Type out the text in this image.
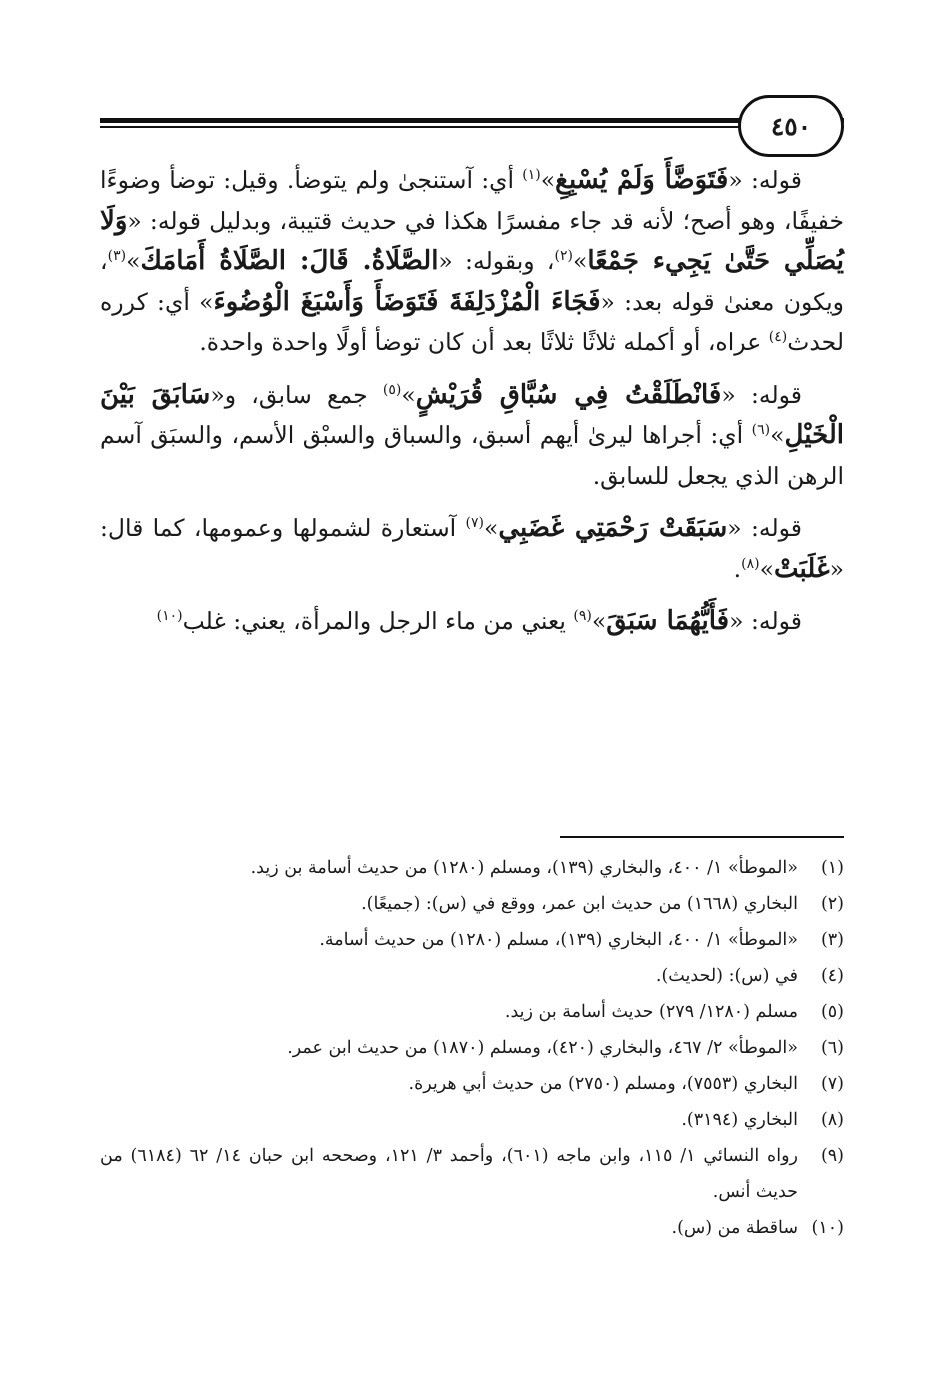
٤٥٠

قوله: «فَتَوَضَّأَ وَلَمْ يُسْبِغِ»$^{(١)}$ أي: آستنجىٰ ولم يتوضأ. وقيل: توضأ وضوءًا خفيفًا، وهو أصح؛ لأنه قد جاء مفسرًا هكذا في حديث قتيبة، وبدليل قوله: «وَلَا يُصَلِّي حَتَّىٰ يَجِيء جَمْعًا»$^{(٢)}$، وبقوله: «الصَّلَاةُ. قَالَ: الصَّلَاةُ أَمَامَكَ»$^{(٣)}$، ويكون معنىٰ قوله بعد: «فَجَاءَ الْمُزْدَلِفَةَ فَتَوَضَأَ وَأَسْبَغَ الْوُضُوءَ» أي: كرره لحدث$^{(٤)}$ عراه، أو أكمله ثلاثًا ثلاثًا بعد أن كان توضأ أولًا واحدة واحدة.

قوله: «فَانْطَلَقْتُ فِي سُبَّاقِ قُرَيْشٍ»$^{(٥)}$ جمع سابق، و«سَابَقَ بَيْنَ الْخَيْلِ»$^{(٦)}$ أي: أجراها ليرىٰ أيهم أسبق، والسباق والسبْق الأسم، والسبَق آسم الرهن الذي يجعل للسابق.

قوله: «سَبَقَتْ رَحْمَتِي غَضَبِي»$^{(٧)}$ آستعارة لشمولها وعمومها، كما قال: «غَلَبَتْ»$^{(٨)}$.

قوله: «فَأَيُّهُمَا سَبَقَ»$^{(٩)}$ يعني من ماء الرجل والمرأة، يعني: غلب$^{(١٠)}$

(١)
«الموطأ» ١/ ٤٠٠، والبخاري (١٣٩)، ومسلم (١٢٨٠) من حديث أسامة بن زيد.
(٢)
البخاري (١٦٦٨) من حديث ابن عمر، ووقع في (س): (جميعًا).
(٣)
«الموطأ» ١/ ٤٠٠، البخاري (١٣٩)، مسلم (١٢٨٠) من حديث أسامة.
(٤)
في (س): (لحديث).
(٥)
مسلم (١٢٨٠/ ٢٧٩) حديث أسامة بن زيد.
(٦)
«الموطأ» ٢/ ٤٦٧، والبخاري (٤٢٠)، ومسلم (١٨٧٠) من حديث ابن عمر.
(٧)
البخاري (٧٥٥٣)، ومسلم (٢٧٥٠) من حديث أبي هريرة.
(٨)
البخاري (٣١٩٤).
(٩)
رواه النسائي ١/ ١١٥، وابن ماجه (٦٠١)، وأحمد ٣/ ١٢١، وصححه ابن حبان ١٤/ ٦٢ (٦١٨٤) من حديث أنس.
(١٠)
ساقطة من (س).
